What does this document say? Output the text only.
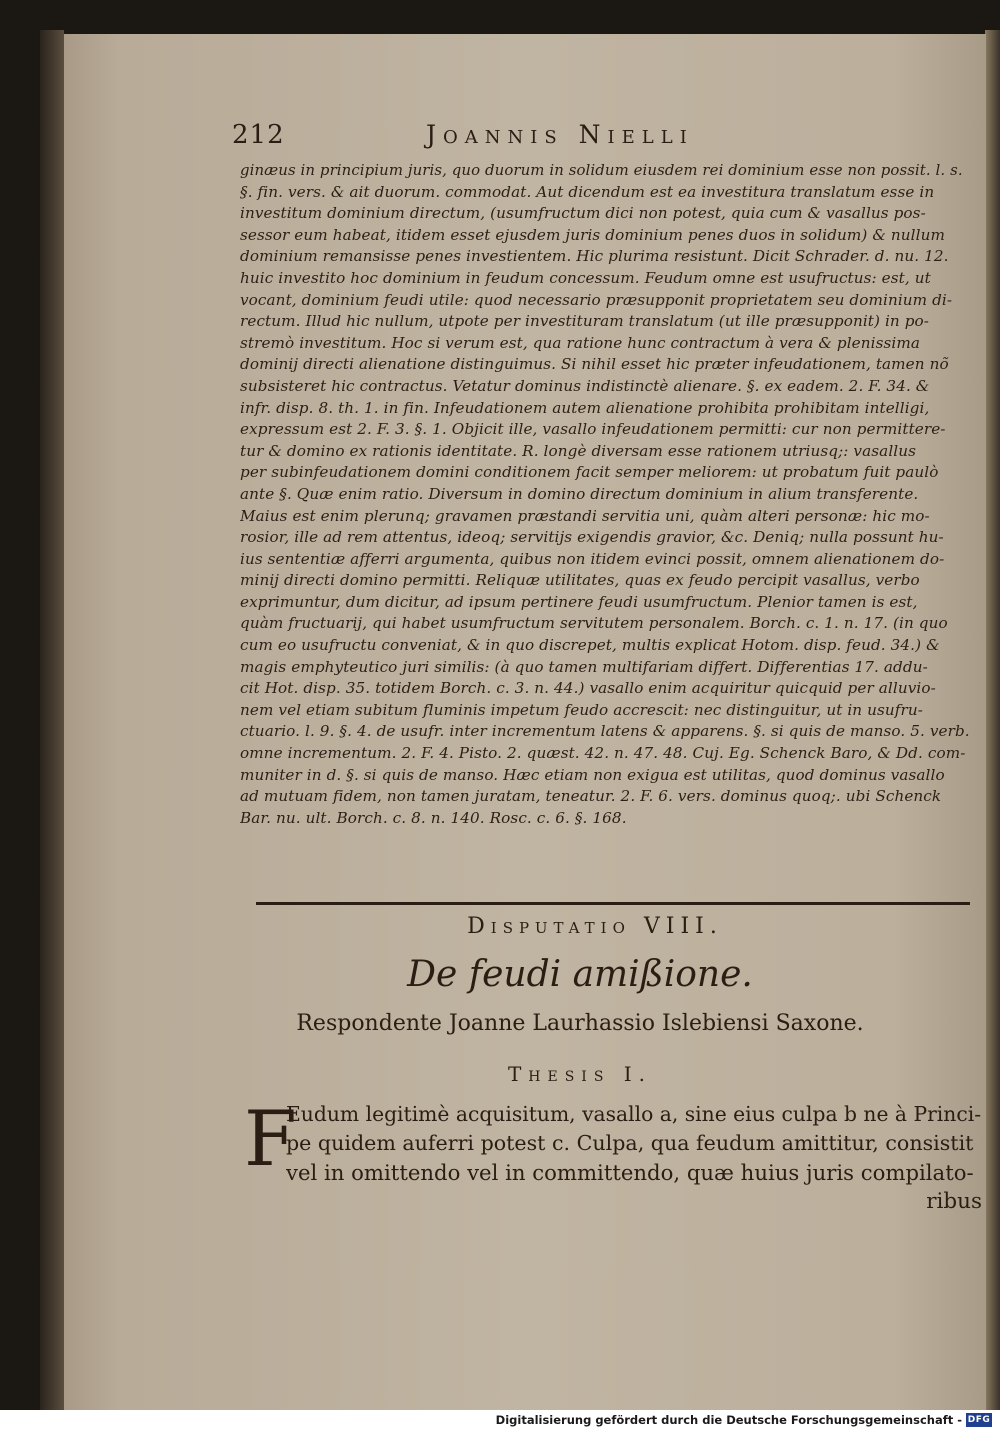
212	Joannis Nielli
ginæus in principium juris, quo duorum in solidum eiusdem rei dominium esse non possit. l. s.
§. fin. vers. & ait duorum. commodat. Aut dicendum est ea investitura translatum esse in
investitum dominium directum, (usumfructum dici non potest, quia cum & vasallus pos-
sessor eum habeat, itidem esset ejusdem juris dominium penes duos in solidum) & nullum
dominium remansisse penes investientem. Hic plurima resistunt. Dicit Schrader. d. nu. 12.
huic investito hoc dominium in feudum concessum. Feudum omne est usufructus: est, ut
vocant, dominium feudi utile: quod necessario præsupponit proprietatem seu dominium di-
rectum. Illud hic nullum, utpote per investituram translatum (ut ille præsupponit) in po-
stremò investitum. Hoc si verum est, qua ratione hunc contractum à vera & plenissima
dominij directi alienatione distinguimus. Si nihil esset hic præter infeudationem, tamen nõ
subsisteret hic contractus. Vetatur dominus indistinctè alienare. §. ex eadem. 2. F. 34. &
infr. disp. 8. th. 1. in fin. Infeudationem autem alienatione prohibita prohibitam intelligi,
expressum est 2. F. 3. §. 1. Objicit ille, vasallo infeudationem permitti: cur non permittere-
tur & domino ex rationis identitate. R. longè diversam esse rationem utriusq;: vasallus
per subinfeudationem domini conditionem facit semper meliorem: ut probatum fuit paulò
ante §. Quæ enim ratio. Diversum in domino directum dominium in alium transferente.
Maius est enim plerunq; gravamen præstandi servitia uni, quàm alteri personæ: hic mo-
rosior, ille ad rem attentus, ideoq; servitijs exigendis gravior, &c. Deniq; nulla possunt hu-
ius sententiæ afferri argumenta, quibus non itidem evinci possit, omnem alienationem do-
minij directi domino permitti. Reliquæ utilitates, quas ex feudo percipit vasallus, verbo
exprimuntur, dum dicitur, ad ipsum pertinere feudi usumfructum. Plenior tamen is est,
quàm fructuarij, qui habet usumfructum servitutem personalem. Borch. c. 1. n. 17. (in quo
cum eo usufructu conveniat, & in quo discrepet, multis explicat Hotom. disp. feud. 34.) &
magis emphyteutico juri similis: (à quo tamen multifariam differt. Differentias 17. addu-
cit Hot. disp. 35. totidem Borch. c. 3. n. 44.) vasallo enim acquiritur quicquid per alluvio-
nem vel etiam subitum fluminis impetum feudo accrescit: nec distinguitur, ut in usufru-
ctuario. l. 9. §. 4. de usufr. inter incrementum latens & apparens. §. si quis de manso. 5. verb.
omne incrementum. 2. F. 4. Pisto. 2. quæst. 42. n. 47. 48. Cuj. Eg. Schenck Baro, & Dd. com-
muniter in d. §. si quis de manso. Hæc etiam non exigua est utilitas, quod dominus vasallo
ad mutuam fidem, non tamen juratam, teneatur. 2. F. 6. vers. dominus quoq;. ubi Schenck
Bar. nu. ult. Borch. c. 8. n. 140. Rosc. c. 6. §. 168.
Disputatio VIII.
De feudi amißione.
Respondente Joanne Laurhassio Islebiensi Saxone.
Thesis I.
F
Eudum legitimè acquisitum, vasallo a, sine eius culpa b ne à Princi-
pe quidem auferri potest c. Culpa, qua feudum amittitur, consistit
vel in omittendo vel in committendo, quæ huius juris compilato-
ribus
Digitalisierung gefördert durch die Deutsche Forschungsgemeinschaft - DFG
